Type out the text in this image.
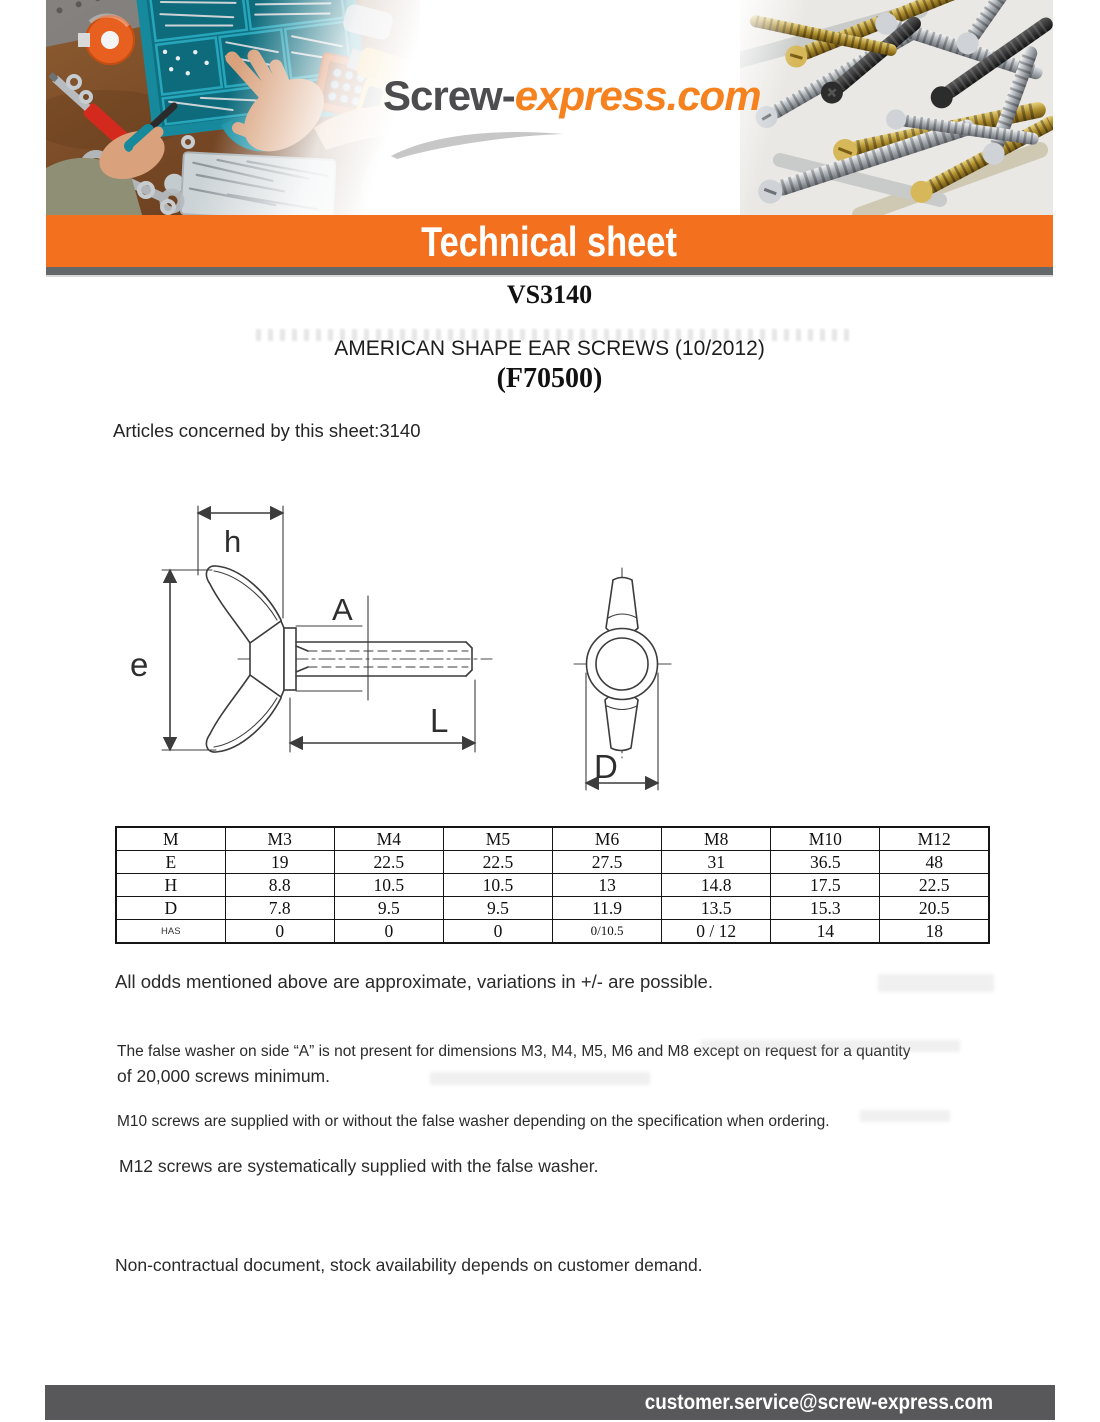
Screw-express.com
Technical sheet
VS3140
AMERICAN SHAPE EAR SCREWS (10/2012)
(F70500)
Articles concerned by this sheet:3140
h
e
A
L
D
M	M3	M4	M5	M6	M8	M10	M12
E	19	22.5	22.5	27.5	31	36.5	48
H	8.8	10.5	10.5	13	14.8	17.5	22.5
D	7.8	9.5	9.5	11.9	13.5	15.3	20.5
HAS	0	0	0	0/10.5	0 / 12	14	18
All odds mentioned above are approximate, variations in +/- are possible.
The false washer on side “A” is not present for dimensions M3, M4, M5, M6 and M8 except on request for a quantity
of 20,000 screws minimum.
M10 screws are supplied with or without the false washer depending on the specification when ordering.
M12 screws are systematically supplied with the false washer.
Non-contractual document, stock availability depends on customer demand.
customer.service@screw-express.com
